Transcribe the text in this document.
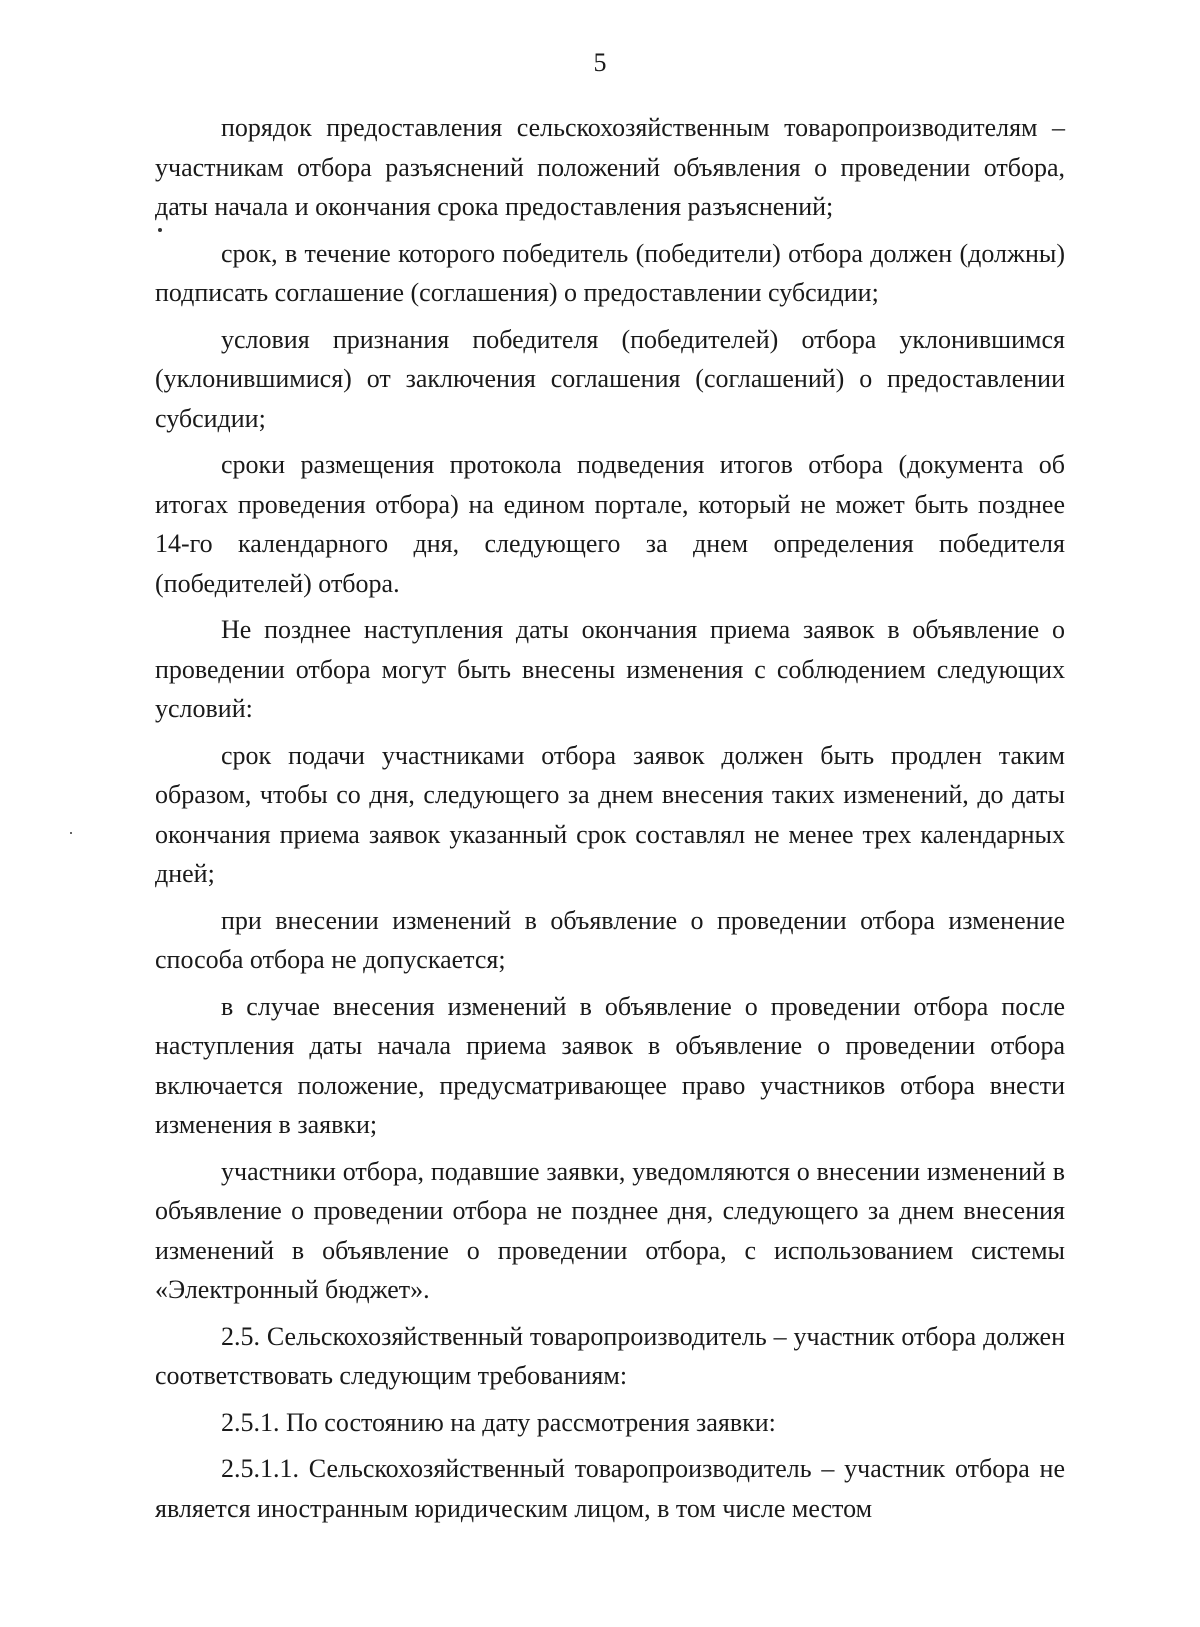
5

порядок предоставления сельскохозяйственным товаропроизводителям – участникам отбора разъяснений положений объявления о проведении отбора, даты начала и окончания срока предоставления разъяснений;

срок, в течение которого победитель (победители) отбора должен (должны) подписать соглашение (соглашения) о предоставлении субсидии;

условия признания победителя (победителей) отбора уклонившимся (уклонившимися) от заключения соглашения (соглашений) о предоставлении субсидии;

сроки размещения протокола подведения итогов отбора (документа об итогах проведения отбора) на едином портале, который не может быть позднее 14-го календарного дня, следующего за днем определения победителя (победителей) отбора.

Не позднее наступления даты окончания приема заявок в объявление о проведении отбора могут быть внесены изменения с соблюдением следующих условий:

срок подачи участниками отбора заявок должен быть продлен таким образом, чтобы со дня, следующего за днем внесения таких изменений, до даты окончания приема заявок указанный срок составлял не менее трех календарных дней;

при внесении изменений в объявление о проведении отбора изменение способа отбора не допускается;

в случае внесения изменений в объявление о проведении отбора после наступления даты начала приема заявок в объявление о проведении отбора включается положение, предусматривающее право участников отбора внести изменения в заявки;

участники отбора, подавшие заявки, уведомляются о внесении изменений в объявление о проведении отбора не позднее дня, следующего за днем внесения изменений в объявление о проведении отбора, с использованием системы «Электронный бюджет».

2.5. Сельскохозяйственный товаропроизводитель – участник отбора должен соответствовать следующим требованиям:

2.5.1. По состоянию на дату рассмотрения заявки:

2.5.1.1. Сельскохозяйственный товаропроизводитель – участник отбора не является иностранным юридическим лицом, в том числе местом
